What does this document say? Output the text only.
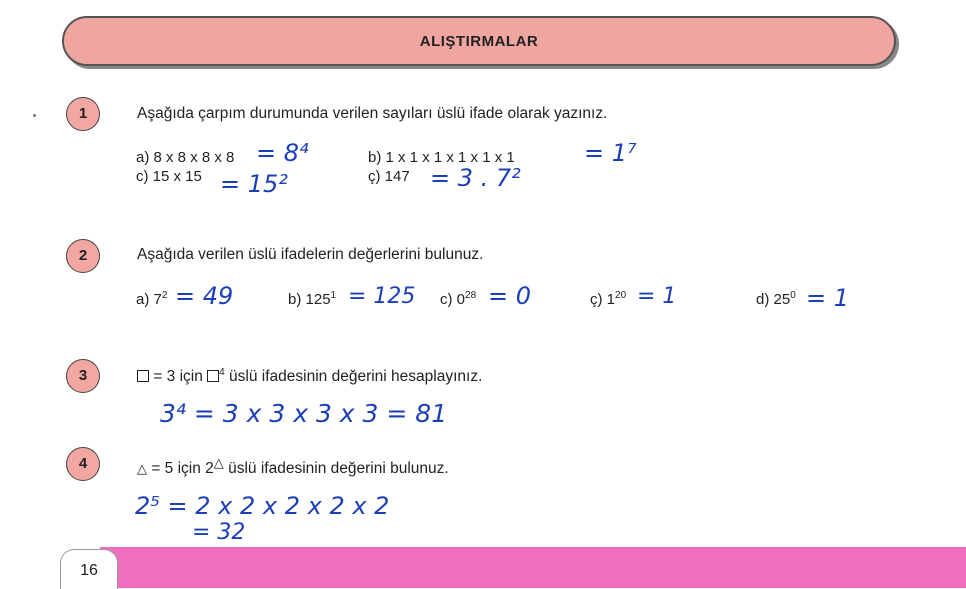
ALIŞTIRMALAR
1	Aşağıda çarpım durumunda verilen sayıları üslü ifade olarak yazınız.
a) 8 x 8 x 8 x 8 = 8⁴	b) 1 x 1 x 1 x 1 x 1 x 1	= 1⁷
c) 15 x 15 = 15²	ç) 147 = 3 . 7²
2	Aşağıda verilen üslü ifadelerin değerlerini bulunuz.
a) $7^2 = 49$	b) $125^1 = 125$ c) $0^{28} = 0$	ç) $1^{20} = 1$	d) $25^0 = 1$
3	= 3 için $^4$ üslü ifadesinin değerini hesaplayınız.
3⁴ = 3 x 3 x 3 x 3 = 81
4	△ = 5 için 2△ üslü ifadesinin değerini bulunuz.
2⁵ = 2 x 2 x 2 x 2 x 2
= 32
16
